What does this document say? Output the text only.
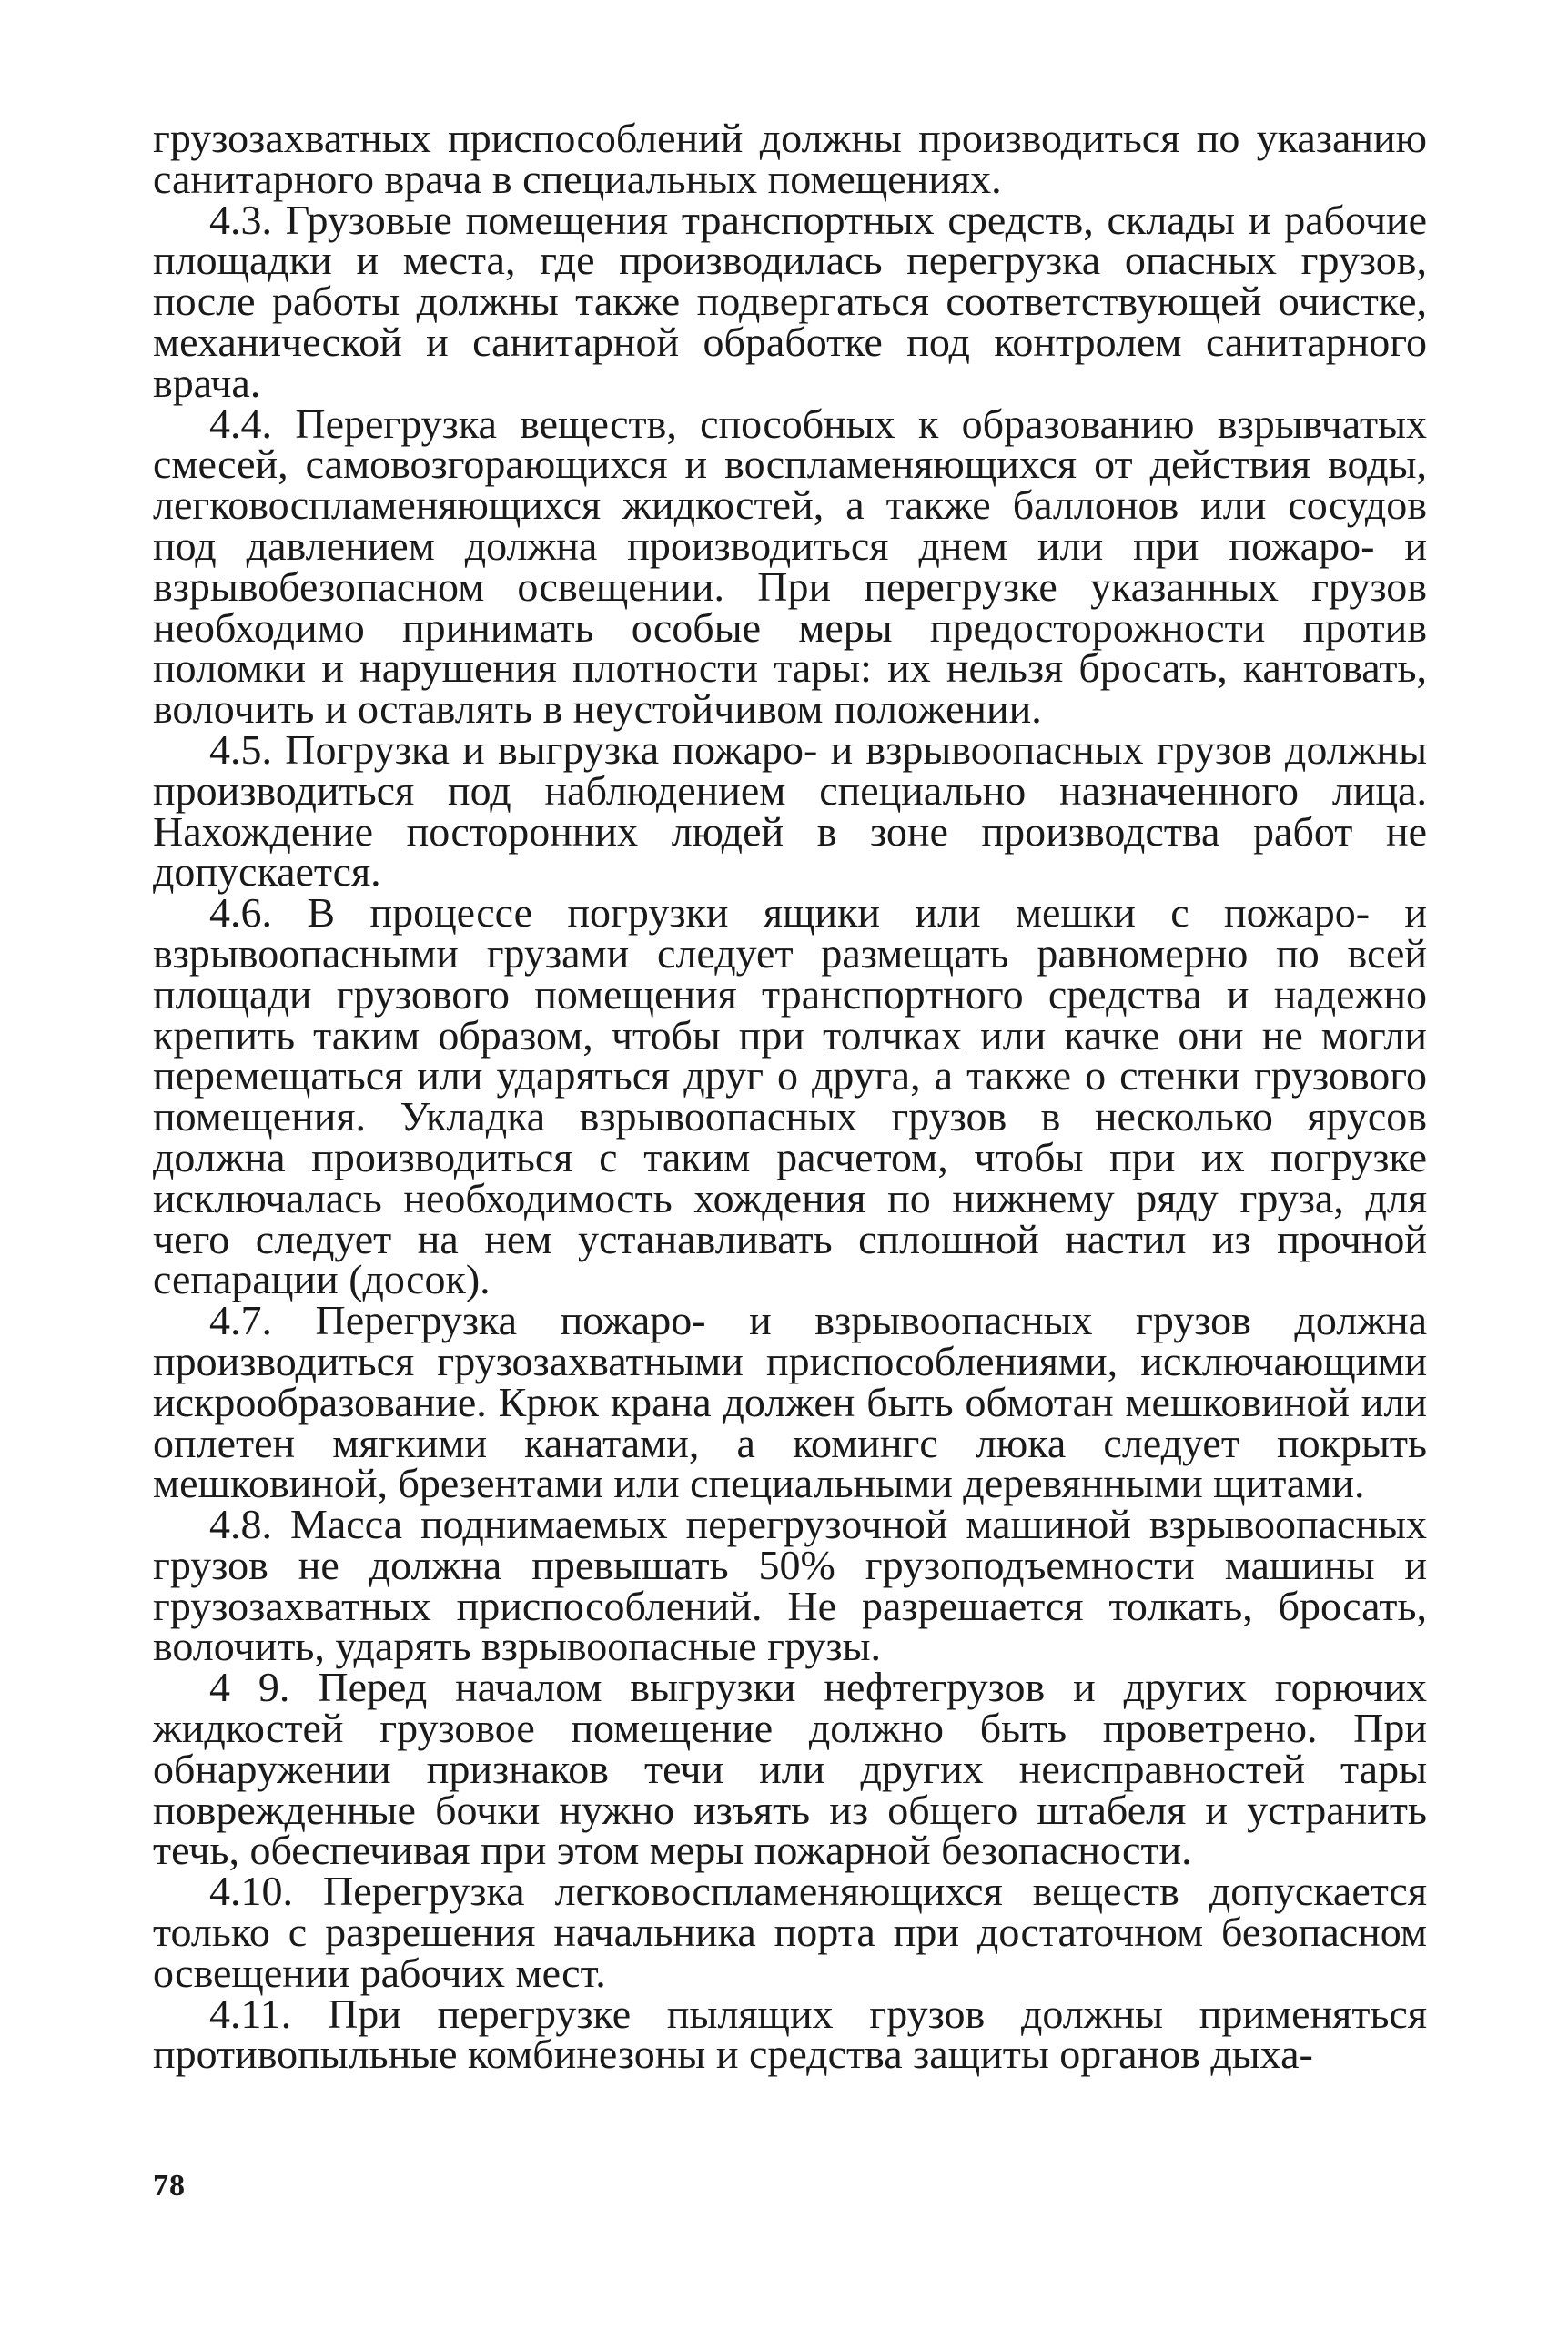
грузозахватных приспособлений должны производиться по указанию санитарного врача в специальных помещениях.

4.3. Грузовые помещения транспортных средств, склады и рабочие площадки и места, где производилась перегрузка опасных грузов, после работы должны также подвергаться соответствующей очистке, механической и санитарной обработке под контролем санитарного врача.

4.4. Перегрузка веществ, способных к образованию взрывчатых смесей, самовозгорающихся и воспламеняющихся от действия воды, легковоспламеняющихся жидкостей, а также баллонов или сосудов под давлением должна производиться днем или при пожаро- и взрывобезопасном освещении. При перегрузке указанных грузов необходимо принимать особые меры предосторожности против поломки и нарушения плотности тары: их нельзя бросать, кантовать, волочить и оставлять в неустойчивом положении.

4.5. Погрузка и выгрузка пожаро- и взрывоопасных грузов должны производиться под наблюдением специально назначенного лица. Нахождение посторонних людей в зоне производства работ не допускается.

4.6. В процессе погрузки ящики или мешки с пожаро- и взрывоопасными грузами следует размещать равномерно по всей площади грузового помещения транспортного средства и надежно крепить таким образом, чтобы при толчках или качке они не могли перемещаться или ударяться друг о друга, а также о стенки грузового помещения. Укладка взрывоопасных грузов в несколько ярусов должна производиться с таким расчетом, чтобы при их погрузке исключалась необходимость хождения по нижнему ряду груза, для чего следует на нем устанавливать сплошной настил из прочной сепарации (досок).

4.7. Перегрузка пожаро- и взрывоопасных грузов должна производиться грузозахватными приспособлениями, исключающими искрообразование. Крюк крана должен быть обмотан мешковиной или оплетен мягкими канатами, а комингс люка следует покрыть мешковиной, брезентами или специальными деревянными щитами.

4.8. Масса поднимаемых перегрузочной машиной взрывоопасных грузов не должна превышать 50% грузоподъемности машины и грузозахватных приспособлений. Не разрешается толкать, бросать, волочить, ударять взрывоопасные грузы.

4 9. Перед началом выгрузки нефтегрузов и других горючих жидкостей грузовое помещение должно быть проветрено. При обнаружении признаков течи или других неисправностей тары поврежденные бочки нужно изъять из общего штабеля и устранить течь, обеспечивая при этом меры пожарной безопасности.

4.10. Перегрузка легковоспламеняющихся веществ допускается только с разрешения начальника порта при достаточном безопасном освещении рабочих мест.

4.11. При перегрузке пылящих грузов должны применяться противопыльные комбинезоны и средства защиты органов дыха-

78
